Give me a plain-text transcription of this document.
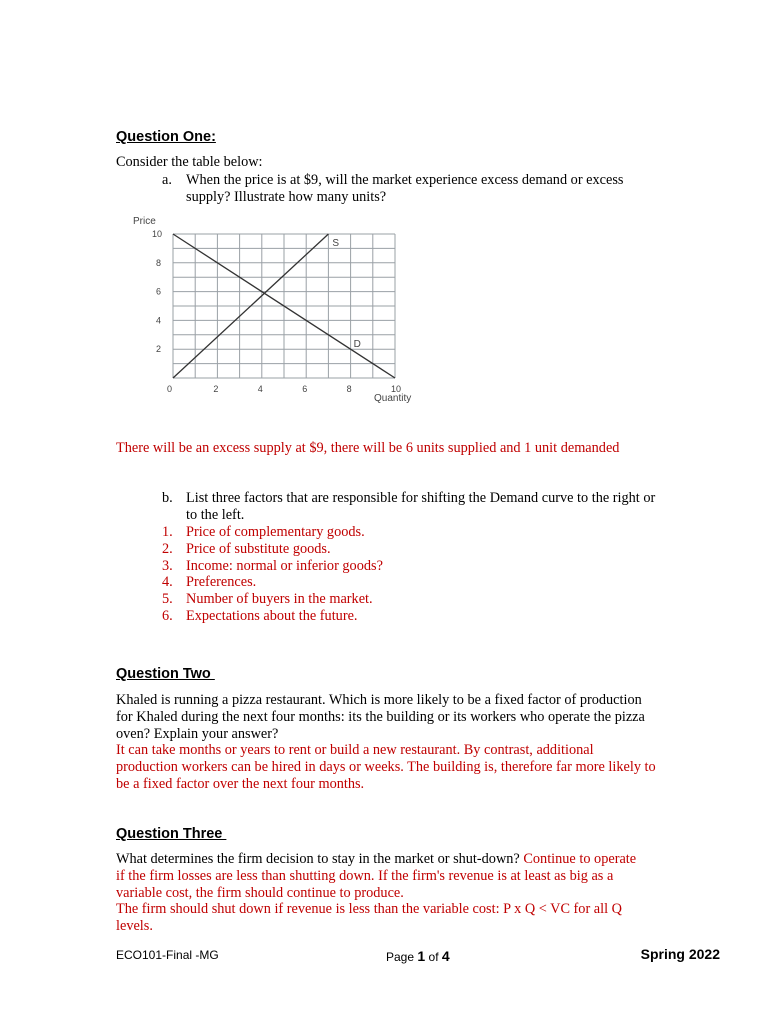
Question One:
Consider the table below:
a. When the price is at $9, will the market experience excess demand or excess supply? Illustrate how many units?
0	2	4	6	8	10
2
4
6
8
10
S
D
Price
Quantity
There will be an excess supply at $9, there will be 6 units supplied and 1 unit demanded
b. List three factors that are responsible for shifting the Demand curve to the right or to the left.
1. Price of complementary goods.
2. Price of substitute goods.
3. Income: normal or inferior goods?
4. Preferences.
5. Number of buyers in the market.
6. Expectations about the future.
Question Two
Khaled is running a pizza restaurant. Which is more likely to be a fixed factor of production for Khaled during the next four months: its the building or its workers who operate the pizza oven? Explain your answer?
It can take months or years to rent or build a new restaurant. By contrast, additional production workers can be hired in days or weeks. The building is, therefore far more likely to be a fixed factor over the next four months.
Question Three
What determines the firm decision to stay in the market or shut-down? Continue to operate if the firm losses are less than shutting down. If the firm's revenue is at least as big as a variable cost, the firm should continue to produce.
The firm should shut down if revenue is less than the variable cost: P x Q < VC for all Q levels.
ECO101-Final -MG	Page 1 of 4	Spring 2022
